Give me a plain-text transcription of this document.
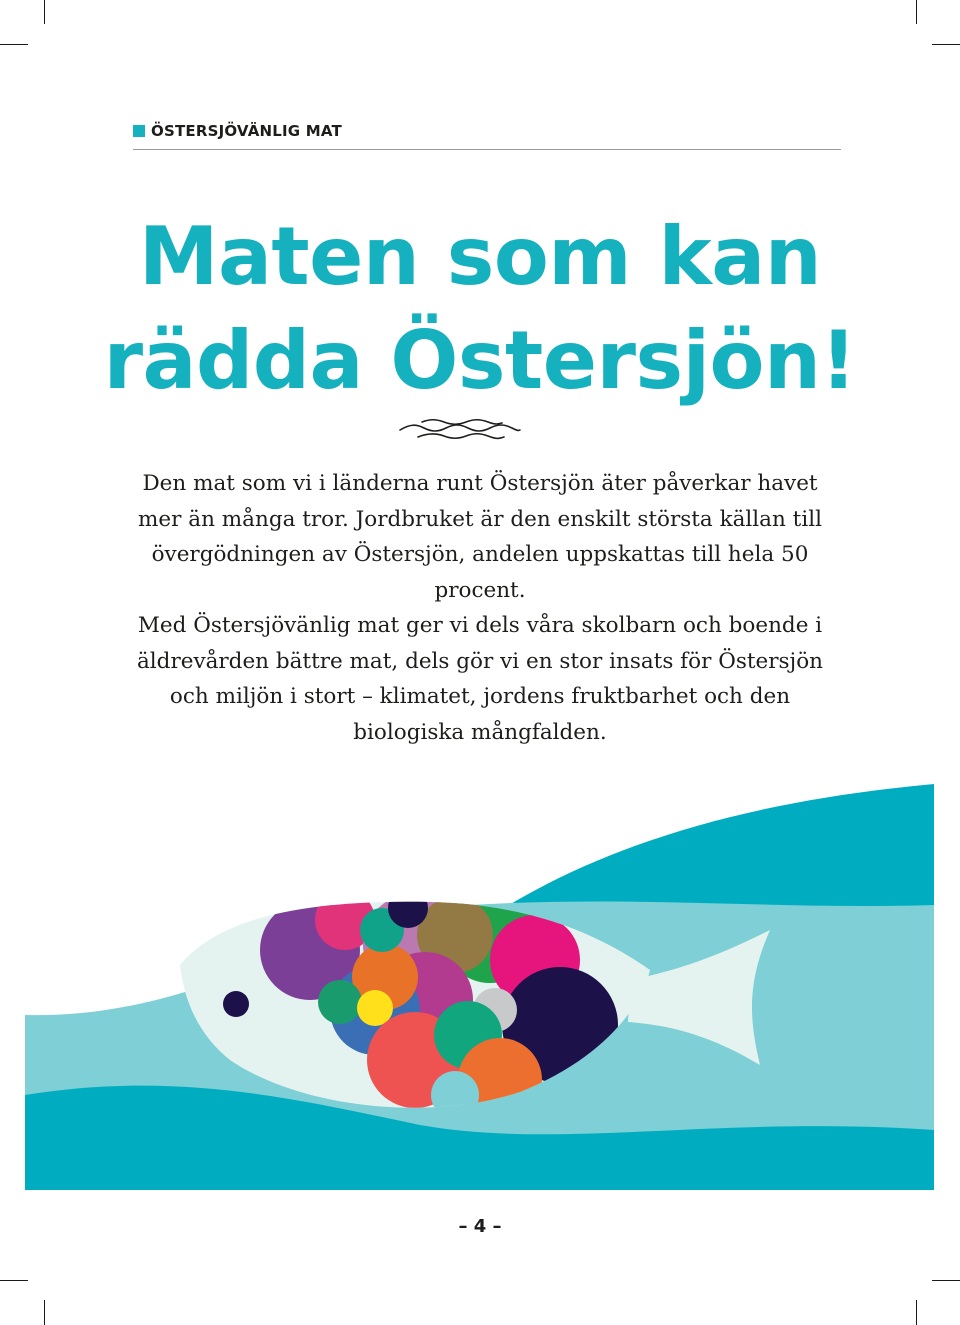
ÖSTERSJÖVÄNLIG MAT
Maten som kan
rädda Östersjön!

Den mat som vi i länderna runt Östersjön äter påverkar havet mer än många tror. Jordbruket är den enskilt största källan till övergödningen av Östersjön, andelen uppskattas till hela 50 procent.

Med Östersjövänlig mat ger vi dels våra skolbarn och boende i äldrevården bättre mat, dels gör vi en stor insats för Östersjön och miljön i stort – klimatet, jordens fruktbarhet och den biologiska mångfalden.

– 4 –
